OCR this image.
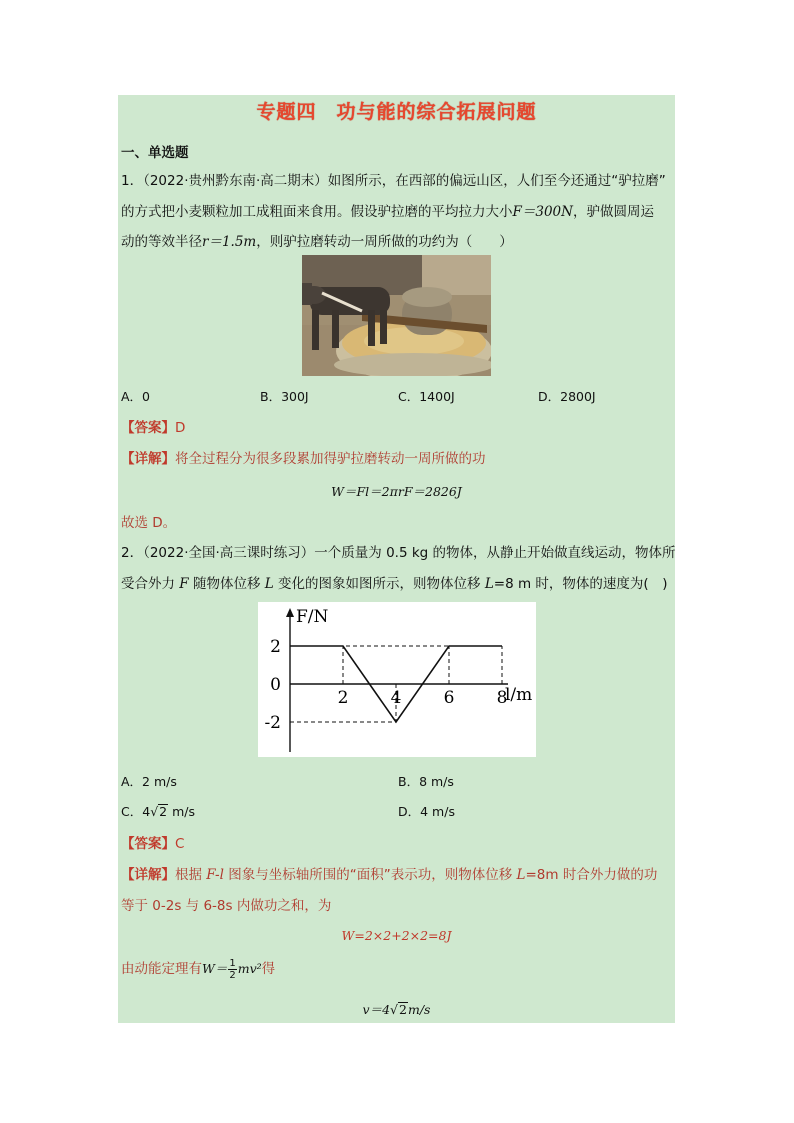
专题四　功与能的综合拓展问题
一、单选题
1．（2022·贵州黔东南·高二期末）如图所示，在西部的偏远山区，人们至今还通过“驴拉磨”
的方式把小麦颗粒加工成粗面来食用。假设驴拉磨的平均拉力大小F＝300N，驴做圆周运
动的等效半径r＝1.5m，则驴拉磨转动一周所做的功约为（　　）
A．0	B．300J	C．1400J	D．2800J
【答案】D
【详解】将全过程分为很多段累加得驴拉磨转动一周所做的功
W＝Fl＝2πrF＝2826J
故选 D。
2．（2022·全国·高三课时练习）一个质量为 0.5 kg 的物体，从静止开始做直线运动，物体所
受合外力 F 随物体位移 L 变化的图象如图所示，则物体位移 L=8 m 时，物体的速度为(　)
F/N
l/m
2 4 6 8
2
0
-2
A．2 m/s	B．8 m/s
C．4√2 m/s	D．4 m/s
【答案】C
【详解】根据 F-l 图象与坐标轴所围的“面积”表示功，则物体位移 L=8m 时合外力做的功
等于 0-2s 与 6-8s 内做功之和，为
W=2×2+2×2=8J
由动能定理有$W= \frac{1}{2} mv^2$得
v＝4√2m/s
